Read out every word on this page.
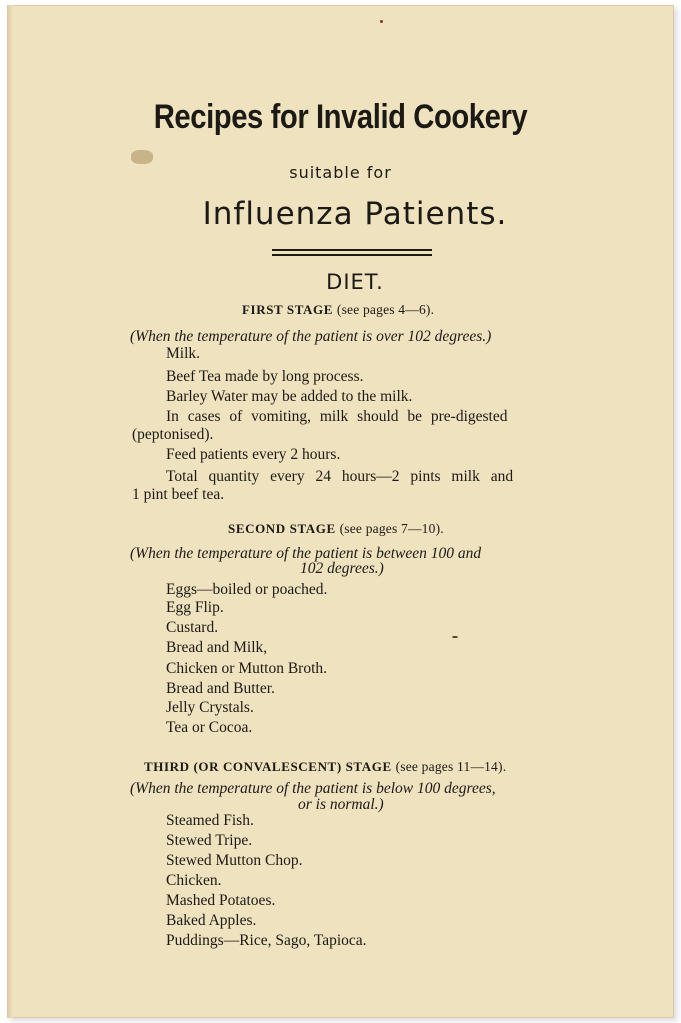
Recipes for Invalid Cookery
suitable for
Influenza Patients.
DIET.
FIRST STAGE (see pages 4—6).
(When the temperature of the patient is over 102 degrees.)
Milk.
Beef Tea made by long process.
Barley Water may be added to the milk.
In cases of vomiting, milk should be pre-digested
(peptonised).
Feed patients every 2 hours.
Total quantity every 24 hours—2 pints milk and
1 pint beef tea.
SECOND STAGE (see pages 7—10).
(When the temperature of the patient is between 100 and
102 degrees.)
Eggs—boiled or poached.
Egg Flip.
Custard.
Bread and Milk,
Chicken or Mutton Broth.
Bread and Butter.
Jelly Crystals.
Tea or Cocoa.
THIRD (OR CONVALESCENT) STAGE (see pages 11—14).
(When the temperature of the patient is below 100 degrees,
or is normal.)
Steamed Fish.
Stewed Tripe.
Stewed Mutton Chop.
Chicken.
Mashed Potatoes.
Baked Apples.
Puddings—Rice, Sago, Tapioca.
